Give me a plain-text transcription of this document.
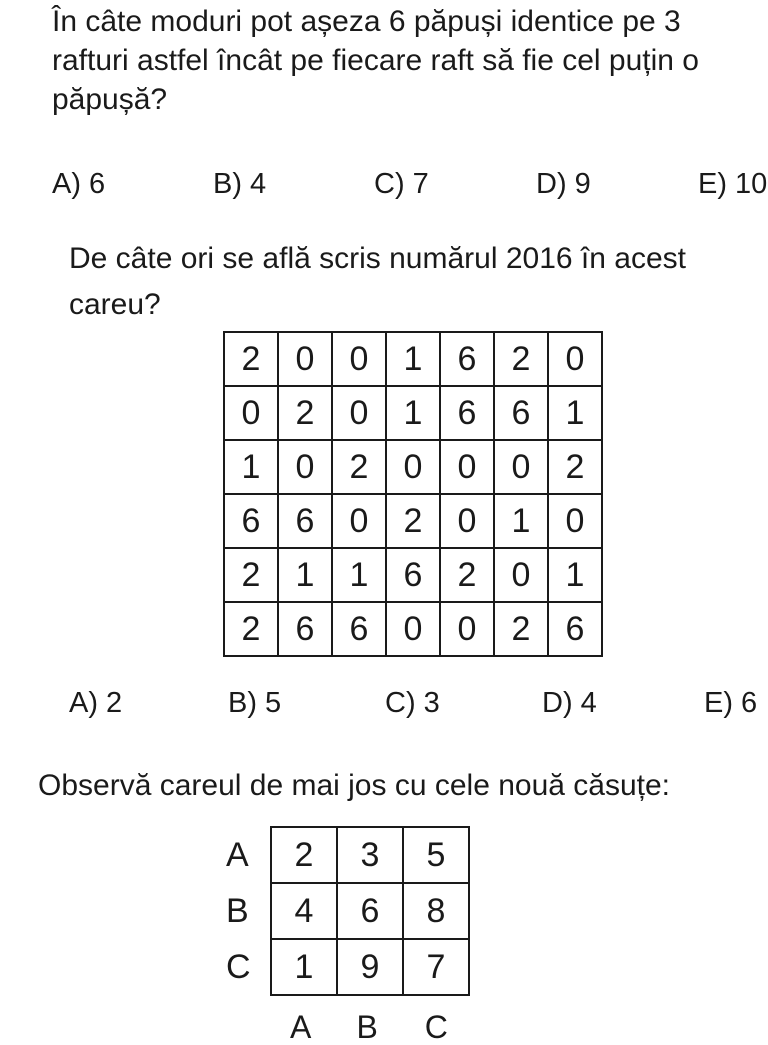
În câte moduri pot așeza 6 păpuși identice pe 3
rafturi astfel încât pe fiecare raft să fie cel puțin o
păpușă?
A) 6	B) 4	C) 7	D) 9	E) 10
De câte ori se află scris numărul 2016 în acest
careu?
2	0	0	1	6	2	0
0	2	0	1	6	6	1
1	0	2	0	0	0	2
6	6	0	2	0	1	0
2	1	1	6	2	0	1
2	6	6	0	0	2	6
A) 2	B) 5	C) 3	D) 4	E) 6
Observă careul de mai jos cu cele nouă căsuțe:
A	2	3	5
B	4	6	8
C	1	9	7
A B C
